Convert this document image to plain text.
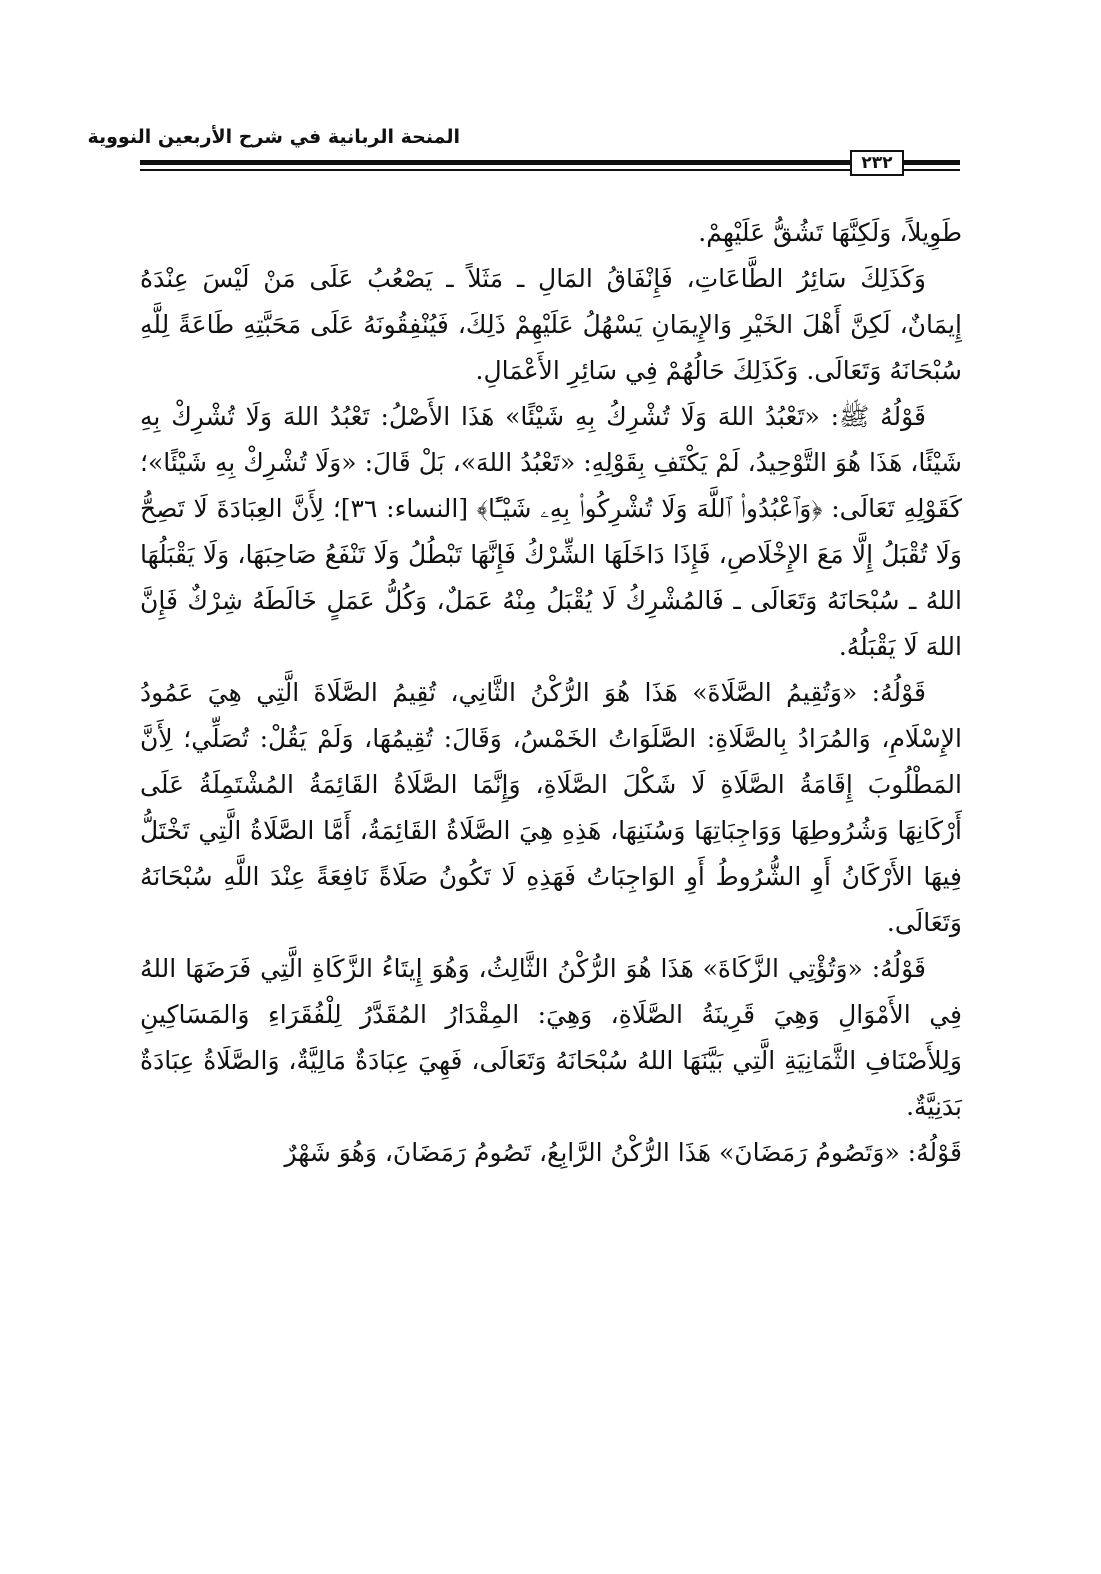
المنحة الربانية في شرح الأربعين النووية
٢٣٢

طَوِيلاً، وَلَكِنَّهَا تَشُقُّ عَلَيْهِمْ.

وَكَذَلِكَ سَائِرُ الطَّاعَاتِ، فَإِنْفَاقُ المَالِ ـ مَثَلاً ـ يَصْعُبُ عَلَى مَنْ لَيْسَ عِنْدَهُ إِيمَانٌ، لَكِنَّ أَهْلَ الخَيْرِ وَالإِيمَانِ يَسْهُلُ عَلَيْهِمْ ذَلِكَ، فَيُنْفِقُونَهُ عَلَى مَحَبَّتِهِ طَاعَةً لِلَّهِ سُبْحَانَهُ وَتَعَالَى. وَكَذَلِكَ حَالُهُمْ فِي سَائِرِ الأَعْمَالِ.

قَوْلُهُ ﷺ: «تَعْبُدُ اللهَ وَلَا تُشْرِكُ بِهِ شَيْئًا» هَذَا الأَصْلُ: تَعْبُدُ اللهَ وَلَا تُشْرِكْ بِهِ شَيْئًا، هَذَا هُوَ التَّوْحِيدُ، لَمْ يَكْتَفِ بِقَوْلِهِ: «تَعْبُدُ اللهَ»، بَلْ قَالَ: «وَلَا تُشْرِكْ بِهِ شَيْئًا»؛ كَقَوْلِهِ تَعَالَى: ﴿وَٱعْبُدُوا۟ ٱللَّهَ وَلَا تُشْرِكُوا۟ بِهِۦ شَيْـًٔا﴾ [النساء: ٣٦]؛ لِأَنَّ العِبَادَةَ لَا تَصِحُّ وَلَا تُقْبَلُ إِلَّا مَعَ الإِخْلَاصِ، فَإِذَا دَاخَلَهَا الشِّرْكُ فَإِنَّهَا تَبْطُلُ وَلَا تَنْفَعُ صَاحِبَهَا، وَلَا يَقْبَلُهَا اللهُ ـ سُبْحَانَهُ وَتَعَالَى ـ فَالمُشْرِكُ لَا يُقْبَلُ مِنْهُ عَمَلٌ، وَكُلُّ عَمَلٍ خَالَطَهُ شِرْكٌ فَإِنَّ اللهَ لَا يَقْبَلُهُ.

قَوْلُهُ: «وَتُقِيمُ الصَّلَاةَ» هَذَا هُوَ الرُّكْنُ الثَّانِي، تُقِيمُ الصَّلَاةَ الَّتِي هِيَ عَمُودُ الإِسْلَامِ، وَالمُرَادُ بِالصَّلَاةِ: الصَّلَوَاتُ الخَمْسُ، وَقَالَ: تُقِيمُهَا، وَلَمْ يَقُلْ: تُصَلِّي؛ لِأَنَّ المَطْلُوبَ إِقَامَةُ الصَّلَاةِ لَا شَكْلَ الصَّلَاةِ، وَإِنَّمَا الصَّلَاةُ القَائِمَةُ المُشْتَمِلَةُ عَلَى أَرْكَانِهَا وَشُرُوطِهَا وَوَاجِبَاتِهَا وَسُنَنِهَا، هَذِهِ هِيَ الصَّلَاةُ القَائِمَةُ، أَمَّا الصَّلَاةُ الَّتِي تَخْتَلُّ فِيهَا الأَرْكَانُ أَوِ الشُّرُوطُ أَوِ الوَاجِبَاتُ فَهَذِهِ لَا تَكُونُ صَلَاةً نَافِعَةً عِنْدَ اللَّهِ سُبْحَانَهُ وَتَعَالَى.

قَوْلُهُ: «وَتُؤْتِي الزَّكَاةَ» هَذَا هُوَ الرُّكْنُ الثَّالِثُ، وَهُوَ إِيتَاءُ الزَّكَاةِ الَّتِي فَرَضَهَا اللهُ فِي الأَمْوَالِ وَهِيَ قَرِينَةُ الصَّلَاةِ، وَهِيَ: المِقْدَارُ المُقَدَّرُ لِلْفُقَرَاءِ وَالمَسَاكِينِ وَلِلأَصْنَافِ الثَّمَانِيَةِ الَّتِي بَيَّنَهَا اللهُ سُبْحَانَهُ وَتَعَالَى، فَهِيَ عِبَادَةٌ مَالِيَّةٌ، وَالصَّلَاةُ عِبَادَةٌ بَدَنِيَّةٌ.

قَوْلُهُ: «وَتَصُومُ رَمَضَانَ» هَذَا الرُّكْنُ الرَّابِعُ، تَصُومُ رَمَضَانَ، وَهُوَ شَهْرٌ
